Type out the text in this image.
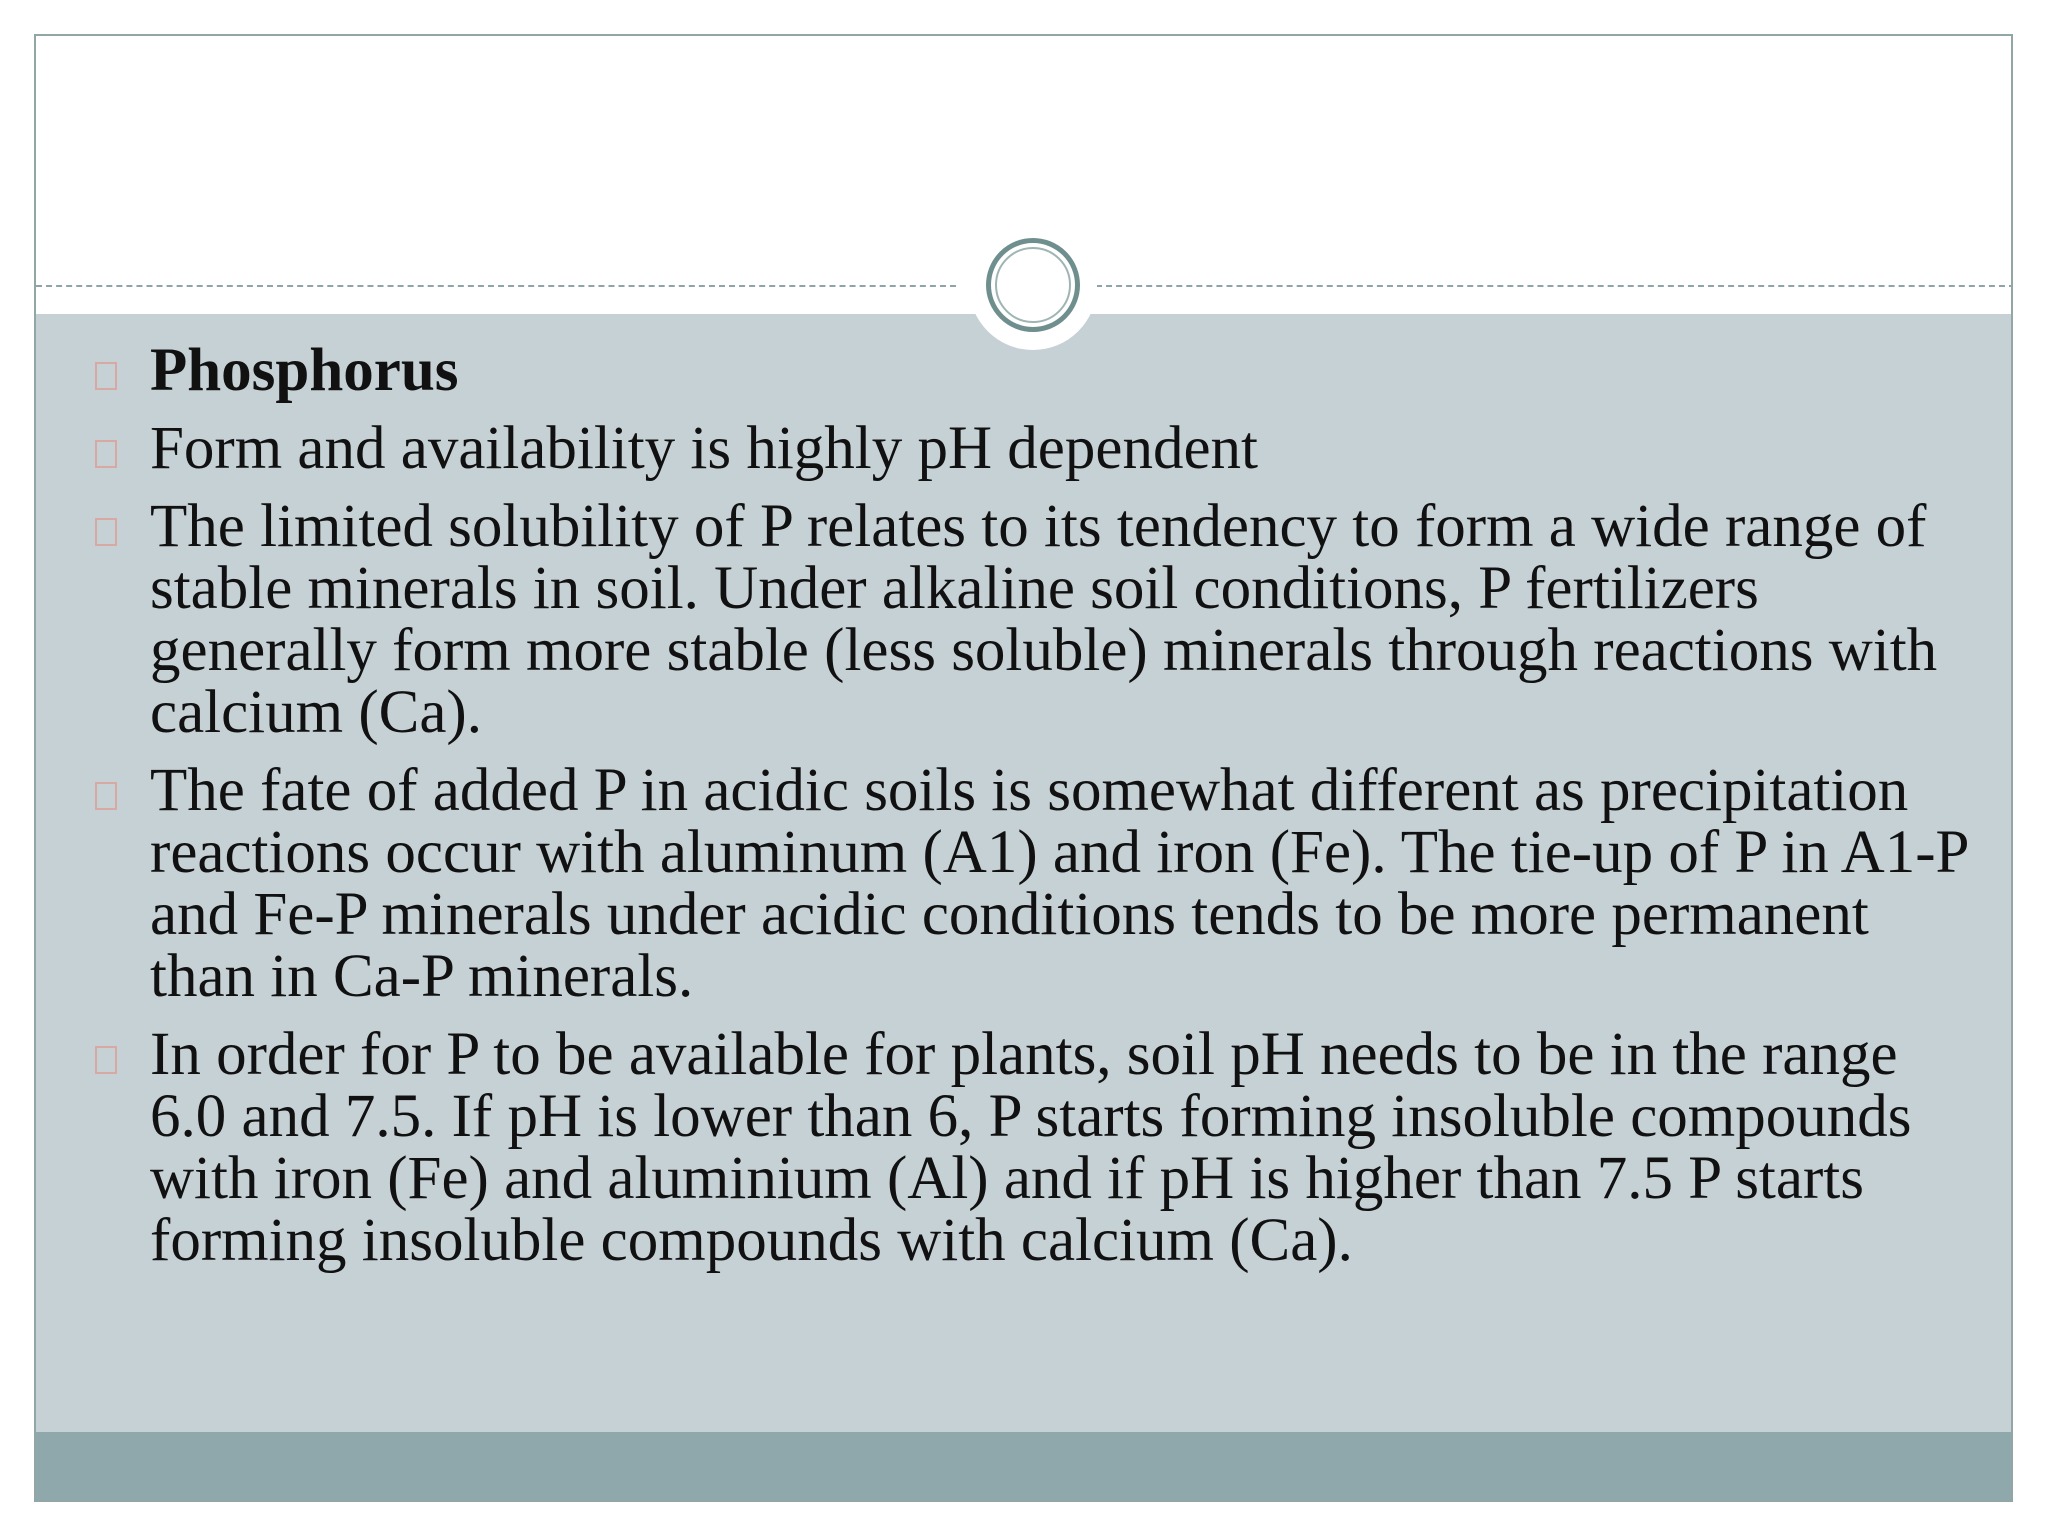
Phosphorus
Form and availability is highly pH dependent
The limited solubility of P relates to its tendency to form a wide range of stable minerals in soil. Under alkaline soil conditions, P fertilizers generally form more stable (less soluble) minerals through reactions with calcium (Ca).
The fate of added P in acidic soils is somewhat different as precipitation reactions occur with aluminum (A1) and iron (Fe). The tie-up of P in A1-P and Fe-P minerals under acidic conditions tends to be more permanent than in Ca-P minerals.
In order for P to be available for plants, soil pH needs to be in the range 6.0 and 7.5. If pH is lower than 6, P starts forming insoluble compounds with iron (Fe) and aluminium (Al) and if pH is higher than 7.5 P starts forming insoluble compounds with calcium (Ca).
